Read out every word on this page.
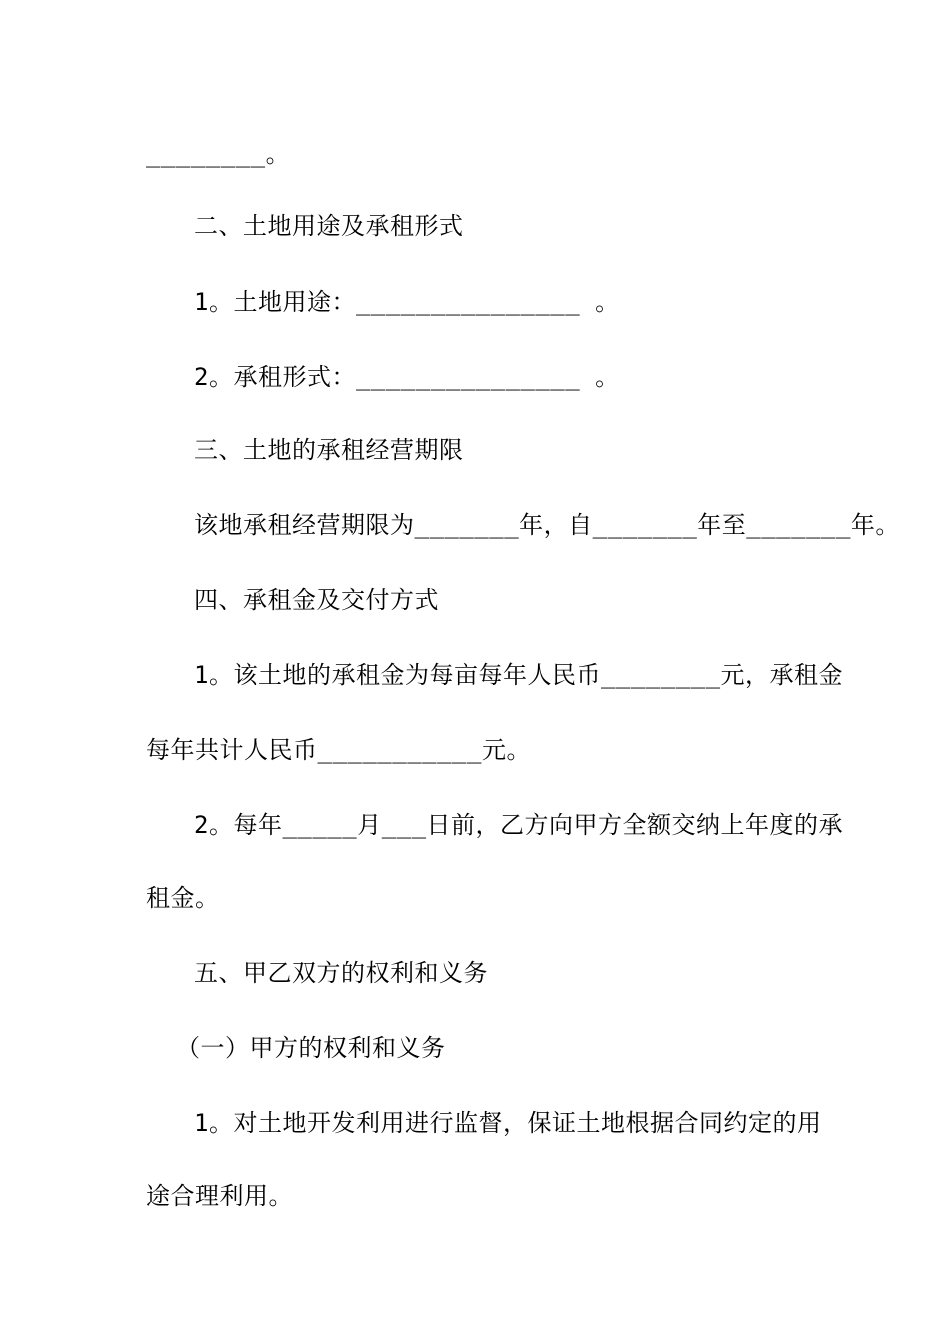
________。
二、土地用途及承租形式
1。土地用途：_______________ 。
2。承租形式：_______________ 。
三、土地的承租经营期限
该地承租经营期限为_______年，自_______年至_______年。
四、承租金及交付方式
1。该土地的承租金为每亩每年人民币________元，承租金
每年共计人民币___________元。
2。每年_____月___日前，乙方向甲方全额交纳上年度的承
租金。
五、甲乙双方的权利和义务
（一）甲方的权利和义务
1。对土地开发利用进行监督，保证土地根据合同约定的用
途合理利用。
